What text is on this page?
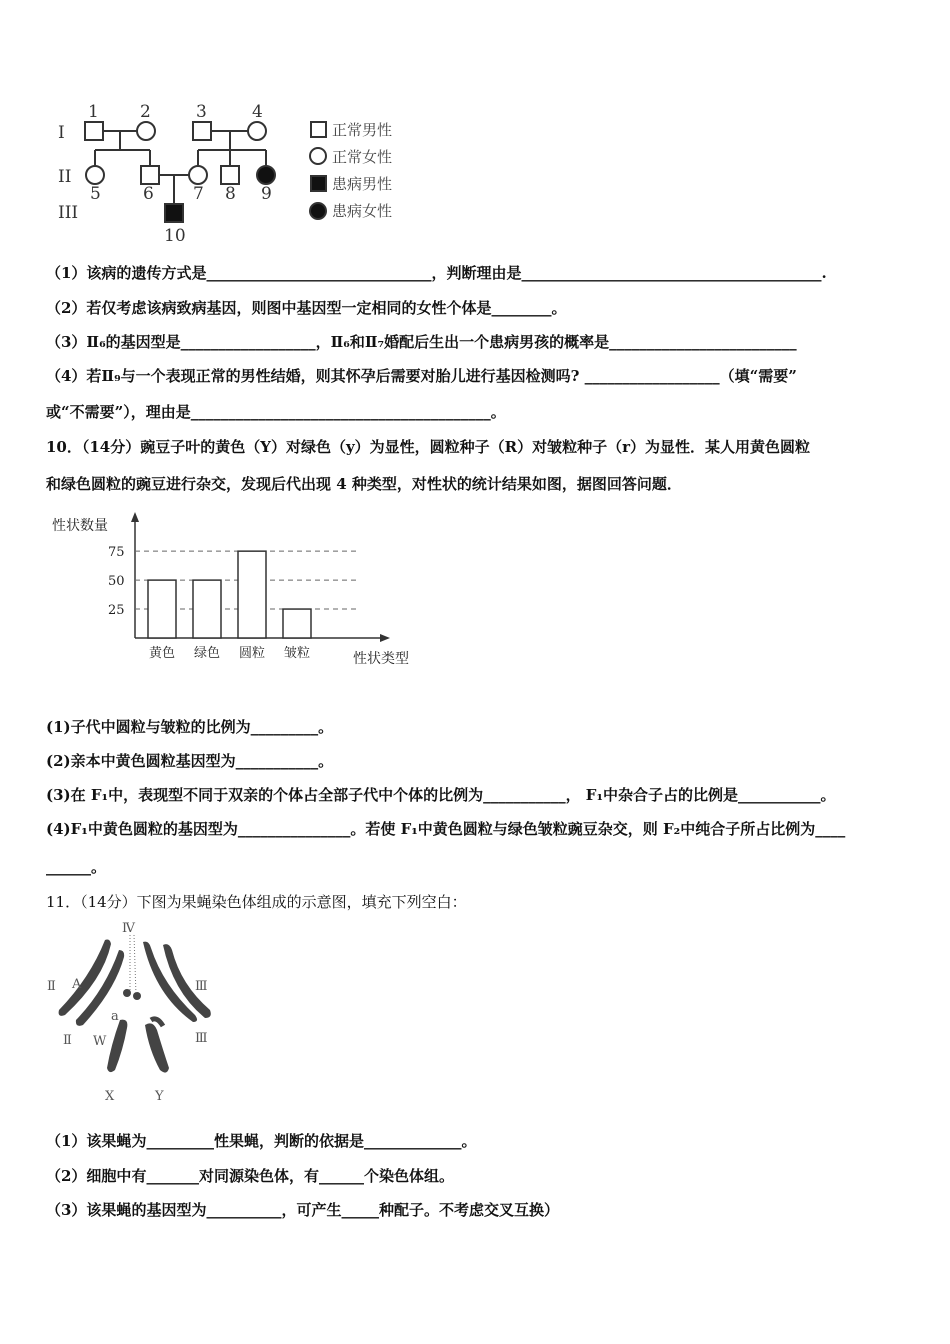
I
II
III
1 2	3	4
5 6 7 8 9
10
正常男性
正常女性
患病男性
患病女性
（1）该病的遗传方式是______________________________，判断理由是________________________________________.
（2）若仅考虑该病致病基因，则图中基因型一定相同的女性个体是________。
（3）Ⅱ₆的基因型是__________________，Ⅱ₆和Ⅱ₇婚配后生出一个患病男孩的概率是_________________________
（4）若Ⅱ₉与一个表现正常的男性结婚，则其怀孕后需要对胎儿进行基因检测吗? __________________（填“需要”
或“不需要”），理由是________________________________________。
10．（14分）豌豆子叶的黄色（Y）对绿色（y）为显性，圆粒种子（R）对皱粒种子（r）为显性．某人用黄色圆粒
和绿色圆粒的豌豆进行杂交，发现后代出现 4 种类型，对性状的统计结果如图，据图回答问题．
性状数量
性状类型
25
50
75
黄色 绿色 圆粒 皱粒
(1)子代中圆粒与皱粒的比例为_________。
(2)亲本中黄色圆粒基因型为___________。
(3)在 F₁中，表现型不同于双亲的个体占全部子代中个体的比例为___________， F₁中杂合子占的比例是___________。
(4)F₁中黄色圆粒的基因型为_______________。若使 F₁中黄色圆粒与绿色皱粒豌豆杂交，则 F₂中纯合子所占比例为____
______。
11．（14分）下图为果蝇染色体组成的示意图，填充下列空白：
Ⅳ
Ⅱ A	Ⅲ
a
Ⅱ W	Ⅲ
X	Y
（1）该果蝇为_________性果蝇，判断的依据是_____________。
（2）细胞中有_______对同源染色体，有______个染色体组。
（3）该果蝇的基因型为__________，可产生_____种配子。不考虑交叉互换）
